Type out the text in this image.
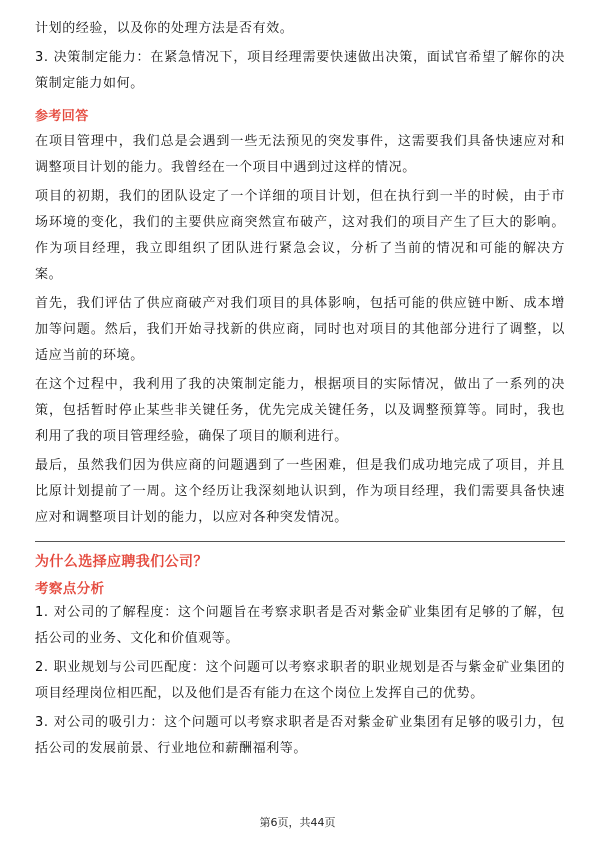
计划的经验，以及你的处理方法是否有效。

3. 决策制定能力：在紧急情况下，项目经理需要快速做出决策，面试官希望了解你的决策制定能力如何。

参考回答

在项目管理中，我们总是会遇到一些无法预见的突发事件，这需要我们具备快速应对和调整项目计划的能力。我曾经在一个项目中遇到过这样的情况。

项目的初期，我们的团队设定了一个详细的项目计划，但在执行到一半的时候，由于市场环境的变化，我们的主要供应商突然宣布破产，这对我们的项目产生了巨大的影响。作为项目经理，我立即组织了团队进行紧急会议，分析了当前的情况和可能的解决方案。

首先，我们评估了供应商破产对我们项目的具体影响，包括可能的供应链中断、成本增加等问题。然后，我们开始寻找新的供应商，同时也对项目的其他部分进行了调整，以适应当前的环境。

在这个过程中，我利用了我的决策制定能力，根据项目的实际情况，做出了一系列的决策，包括暂时停止某些非关键任务，优先完成关键任务，以及调整预算等。同时，我也利用了我的项目管理经验，确保了项目的顺利进行。

最后，虽然我们因为供应商的问题遇到了一些困难，但是我们成功地完成了项目，并且比原计划提前了一周。这个经历让我深刻地认识到，作为项目经理，我们需要具备快速应对和调整项目计划的能力，以应对各种突发情况。

为什么选择应聘我们公司？
考察点分析

1. 对公司的了解程度：这个问题旨在考察求职者是否对紫金矿业集团有足够的了解，包括公司的业务、文化和价值观等。

2. 职业规划与公司匹配度：这个问题可以考察求职者的职业规划是否与紫金矿业集团的项目经理岗位相匹配，以及他们是否有能力在这个岗位上发挥自己的优势。

3. 对公司的吸引力：这个问题可以考察求职者是否对紫金矿业集团有足够的吸引力，包括公司的发展前景、行业地位和薪酬福利等。

第6页，共44页
